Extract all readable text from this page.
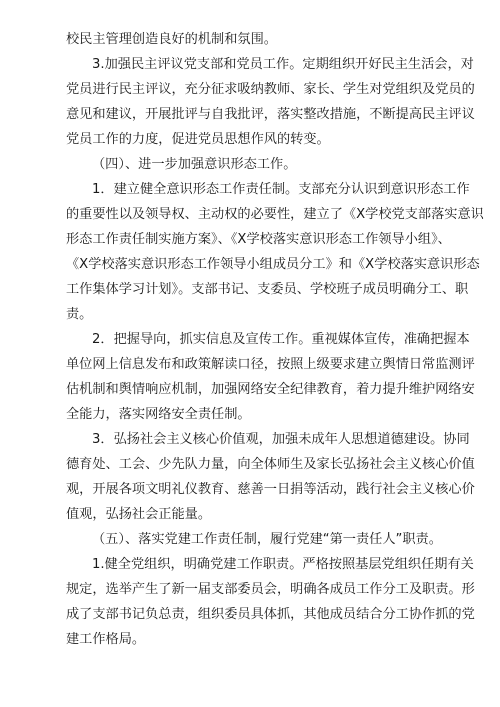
校民主管理创造良好的机制和氛围。
3.加强民主评议党支部和党员工作。定期组织开好民主生活会，对
党员进行民主评议，充分征求吸纳教师、家长、学生对党组织及党员的
意见和建议，开展批评与自我批评，落实整改措施，不断提高民主评议
党员工作的力度，促进党员思想作风的转变。
（四）、进一步加强意识形态工作。
1．建立健全意识形态工作责任制。支部充分认识到意识形态工作
的重要性以及领导权、主动权的必要性，建立了《X学校党支部落实意识
形态工作责任制实施方案》、《X学校落实意识形态工作领导小组》、
《X学校落实意识形态工作领导小组成员分工》和《X学校落实意识形态
工作集体学习计划》。支部书记、支委员、学校班子成员明确分工、职
责。
2．把握导向，抓实信息及宣传工作。重视媒体宣传，准确把握本
单位网上信息发布和政策解读口径，按照上级要求建立舆情日常监测评
估机制和舆情响应机制，加强网络安全纪律教育，着力提升维护网络安
全能力，落实网络安全责任制。
3．弘扬社会主义核心价值观，加强未成年人思想道德建设。协同
德育处、工会、少先队力量，向全体师生及家长弘扬社会主义核心价值
观，开展各项文明礼仪教育、慈善一日捐等活动，践行社会主义核心价
值观，弘扬社会正能量。
（五）、落实党建工作责任制，履行党建“第一责任人”职责。
1.健全党组织，明确党建工作职责。严格按照基层党组织任期有关
规定，选举产生了新一届支部委员会，明确各成员工作分工及职责。形
成了支部书记负总责，组织委员具体抓，其他成员结合分工协作抓的党
建工作格局。
